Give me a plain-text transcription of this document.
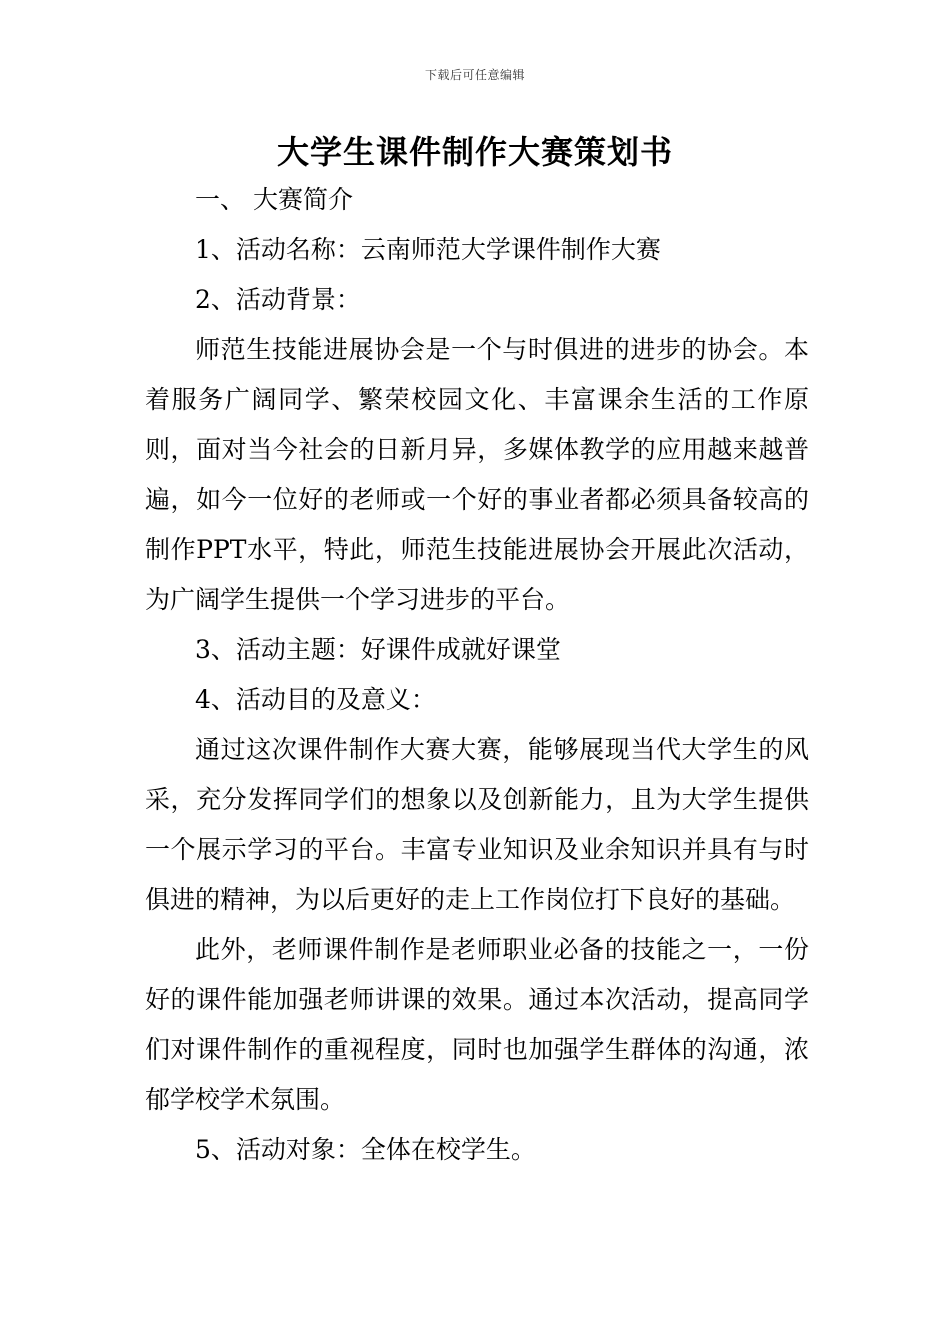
下载后可任意编辑
大学生课件制作大赛策划书

一、 大赛简介

1、活动名称：云南师范大学课件制作大赛

2、活动背景：

师范生技能进展协会是一个与时俱进的进步的协会。本着服务广阔同学、繁荣校园文化、丰富课余生活的工作原则，面对当今社会的日新月异，多媒体教学的应用越来越普遍，如今一位好的老师或一个好的事业者都必须具备较高的制作PPT水平，特此，师范生技能进展协会开展此次活动，为广阔学生提供一个学习进步的平台。

3、活动主题：好课件成就好课堂

4、活动目的及意义：

通过这次课件制作大赛大赛，能够展现当代大学生的风采，充分发挥同学们的想象以及创新能力，且为大学生提供一个展示学习的平台。丰富专业知识及业余知识并具有与时俱进的精神，为以后更好的走上工作岗位打下良好的基础。

此外，老师课件制作是老师职业必备的技能之一，一份好的课件能加强老师讲课的效果。通过本次活动，提高同学们对课件制作的重视程度，同时也加强学生群体的沟通，浓郁学校学术氛围。

5、活动对象：全体在校学生。
